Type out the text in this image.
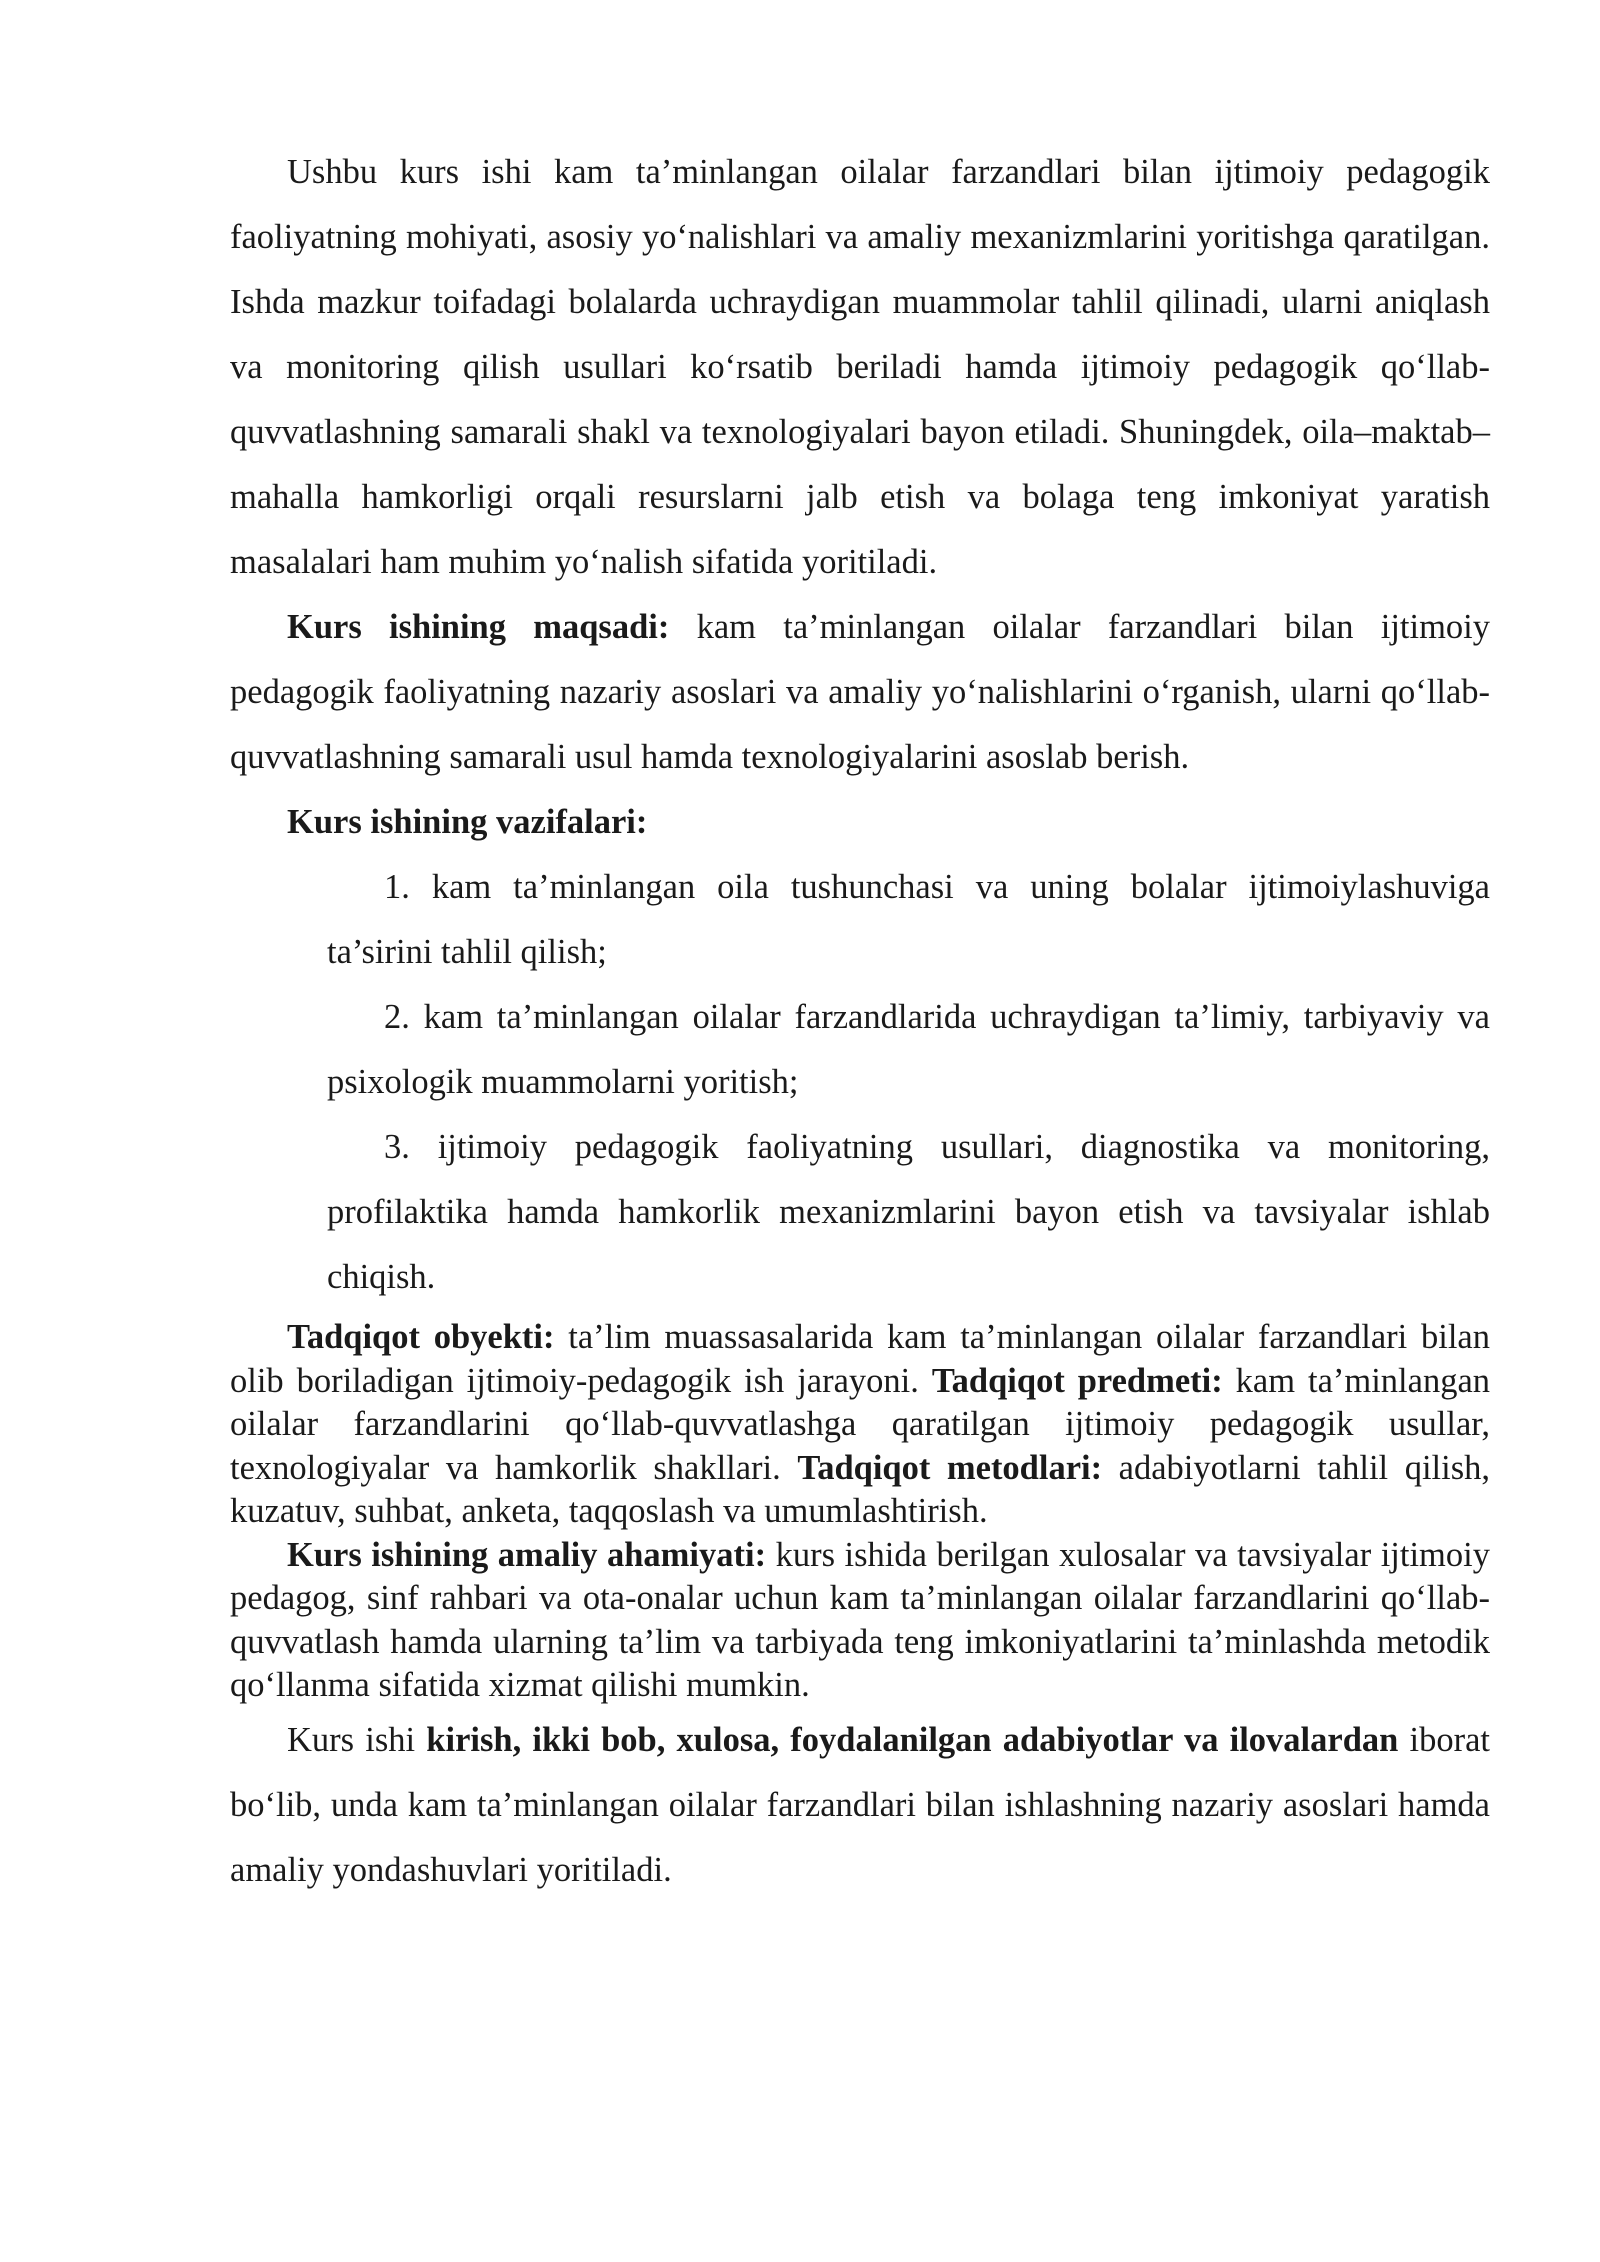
Ushbu kurs ishi kam ta’minlangan oilalar farzandlari bilan ijtimoiy pedagogik faoliyatning mohiyati, asosiy yo‘nalishlari va amaliy mexanizmlarini yoritishga qaratilgan. Ishda mazkur toifadagi bolalarda uchraydigan muammolar tahlil qilinadi, ularni aniqlash va monitoring qilish usullari ko‘rsatib beriladi hamda ijtimoiy pedagogik qo‘llab-quvvatlashning samarali shakl va texnologiyalari bayon etiladi. Shuningdek, oila–maktab–mahalla hamkorligi orqali resurslarni jalb etish va bolaga teng imkoniyat yaratish masalalari ham muhim yo‘nalish sifatida yoritiladi.

Kurs ishining maqsadi: kam ta’minlangan oilalar farzandlari bilan ijtimoiy pedagogik faoliyatning nazariy asoslari va amaliy yo‘nalishlarini o‘rganish, ularni qo‘llab-quvvatlashning samarali usul hamda texnologiyalarini asoslab berish.

Kurs ishining vazifalari:

1. kam ta’minlangan oila tushunchasi va uning bolalar ijtimoiylashuviga ta’sirini tahlil qilish;

2. kam ta’minlangan oilalar farzandlarida uchraydigan ta’limiy, tarbiyaviy va psixologik muammolarni yoritish;

3. ijtimoiy pedagogik faoliyatning usullari, diagnostika va monitoring, profilaktika hamda hamkorlik mexanizmlarini bayon etish va tavsiyalar ishlab chiqish.

Tadqiqot obyekti: ta’lim muassasalarida kam ta’minlangan oilalar farzandlari bilan olib boriladigan ijtimoiy-pedagogik ish jarayoni. Tadqiqot predmeti: kam ta’minlangan oilalar farzandlarini qo‘llab-quvvatlashga qaratilgan ijtimoiy pedagogik usullar, texnologiyalar va hamkorlik shakllari. Tadqiqot metodlari: adabiyotlarni tahlil qilish, kuzatuv, suhbat, anketa, taqqoslash va umumlashtirish.

Kurs ishining amaliy ahamiyati: kurs ishida berilgan xulosalar va tavsiyalar ijtimoiy pedagog, sinf rahbari va ota-onalar uchun kam ta’minlangan oilalar farzandlarini qo‘llab-quvvatlash hamda ularning ta’lim va tarbiyada teng imkoniyatlarini ta’minlashda metodik qo‘llanma sifatida xizmat qilishi mumkin.

Kurs ishi kirish, ikki bob, xulosa, foydalanilgan adabiyotlar va ilovalardan iborat bo‘lib, unda kam ta’minlangan oilalar farzandlari bilan ishlashning nazariy asoslari hamda amaliy yondashuvlari yoritiladi.
